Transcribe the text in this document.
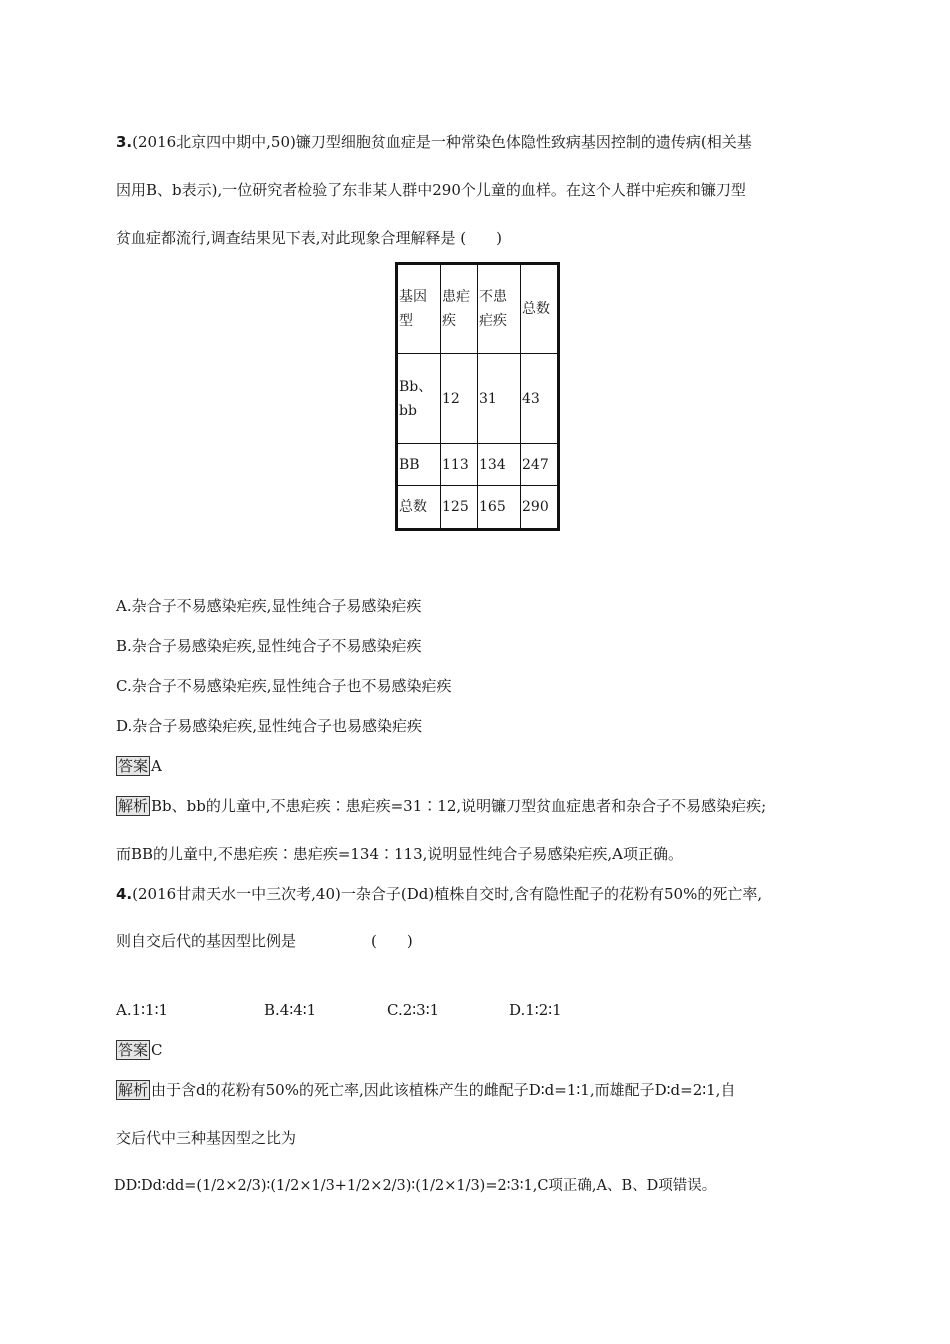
3.(2016北京四中期中,50)镰刀型细胞贫血症是一种常染色体隐性致病基因控制的遗传病(相关基
因用B、b表示),一位研究者检验了东非某人群中290个儿童的血样。在这个人群中疟疾和镰刀型
贫血症都流行,调查结果见下表,对此现象合理解释是 (　　)
基因型	患疟疾	不患疟疾	总数
Bb、bb	12	31	43
BB	113	134	247
总数	125	165	290
A.杂合子不易感染疟疾,显性纯合子易感染疟疾
B.杂合子易感染疟疾,显性纯合子不易感染疟疾
C.杂合子不易感染疟疾,显性纯合子也不易感染疟疾
D.杂合子易感染疟疾,显性纯合子也易感染疟疾
答案 A
解析 Bb、bb的儿童中,不患疟疾∶患疟疾=31∶12,说明镰刀型贫血症患者和杂合子不易感染疟疾;
而BB的儿童中,不患疟疾∶患疟疾=134∶113,说明显性纯合子易感染疟疾,A项正确。
4.(2016甘肃天水一中三次考,40)一杂合子(Dd)植株自交时,含有隐性配子的花粉有50%的死亡率,
则自交后代的基因型比例是　　　　　(　　)
A.1∶1∶1	B.4∶4∶1	C.2∶3∶1	D.1∶2∶1
答案 C
解析 由于含d的花粉有50%的死亡率,因此该植株产生的雌配子D∶d=1∶1,而雄配子D∶d=2∶1,自
交后代中三种基因型之比为
DD∶Dd∶dd=(1/2×2/3)∶(1/2×1/3+1/2×2/3)∶(1/2×1/3)=2∶3∶1,C项正确,A、B、D项错误。
